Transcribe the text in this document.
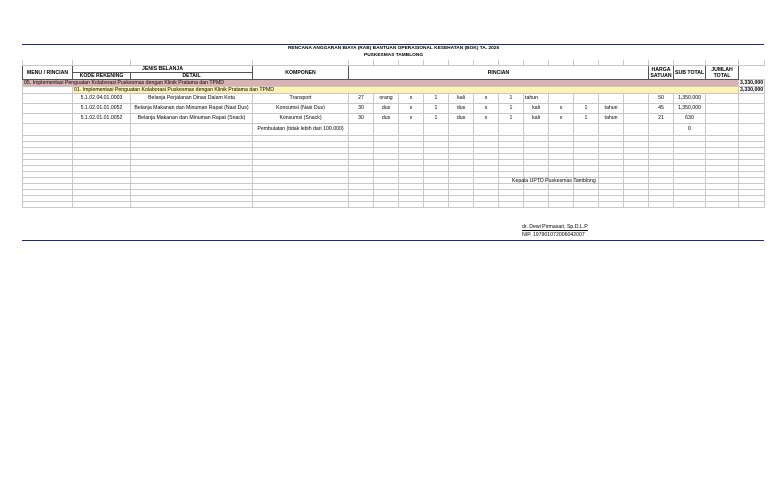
RENCANA ANGGARAN BIAYA (RAB) BANTUAN OPERASIONAL KESEHATAN (BOK) TA. 2025																			
PUSKESMAS TAMBLONG																			

MENU / RINCIAN	JENIS BELANJA		KOMPONEN	RINCIAN												HARGA SATUAN	SUB TOTAL	JUMLAH TOTAL	
	KODE REKENING	DETAIL																	
05. Implementasi Penguatan Kolaborasi Puskesmas dengan Klinik Pratama dan TPMD																			3,330,000
	01. Implementasi Penguatan Kolaborasi Puskesmas dengan Klinik Pratama dan TPMD																		3,330,000
	5.1.02.04.01.0003	Belanja Perjalanan Dinas Dalam Kota	Transport	27	orang	x	1	kali	x	1	tahun					50	1,350,000		
	5.1.02.01.01.0052	Belanja Makanan dan Minuman Rapat (Nasi Dus)	Konsumsi (Nasi Dus)	30	dus	x	1	dus	x	1	kali	x	1	tahun		45	1,350,000		
	5.1.02.01.01.0052	Belanja Makanan dan Minuman Rapat (Snack)	Konsumsi (Snack)	30	dus	x	1	dus	x	1	kali	x	1	tahun		21	630		
			Pembulatan (tidak lebih dari 100.000)														0		

Kepala UPTD Puskesmas Tamblong
dr. Dewi Pirmasari, Sp.D.L.P
NIP. 197901072006042007
